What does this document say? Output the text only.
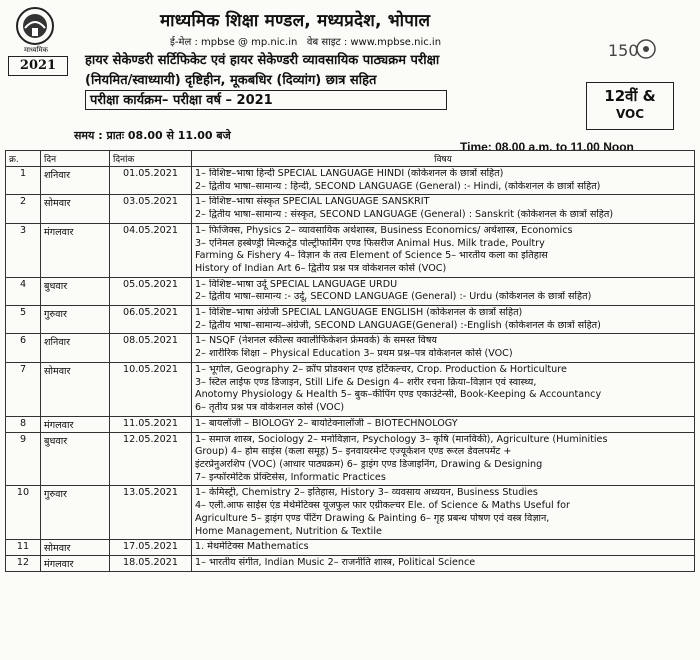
माध्यमिक
2021
माध्यमिक शिक्षा मण्डल, मध्यप्रदेश, भोपाल
ई-मेल : mpbse @ mp.nic.in वेब साइट : www.mpbse.nic.in	150
हायर सेकेण्डरी सर्टिफिकेट एवं हायर सेकेण्डरी व्यावसायिक पाठ्यक्रम परीक्षा
(नियमित/स्वाध्यायी) दृष्टिहीन, मूकबधिर (दिव्यांग) छात्र सहित
परीक्षा कार्यक्रम– परीक्षा वर्ष – 2021	12वीं &
VOC
समय : प्रातः 08.00 से 11.00 बजे
Time: 08.00 a.m. to 11.00 Noon
क्र.	दिन	दिनांक	विषय
1	शनिवार	01.05.2021	1– विशिष्ट–भाषा हिन्दी SPECIAL LANGUAGE HINDI (कोकेशनल के छात्रों सहित)
2– द्वितीय भाषा–सामान्य : हिन्दी, SECOND LANGUAGE (General) :- Hindi, (कोकेशनल के छात्रों सहित)

2	सोमवार	03.05.2021	1– विशिष्ट–भाषा संस्कृत SPECIAL LANGUAGE SANSKRIT
2– द्वितीय भाषा–सामान्य : संस्कृत, SECOND LANGUAGE (General) : Sanskrit (कोकेशनल के छात्रों सहित)

3	मंगलवार	04.05.2021	1– फिजिक्स, Physics 2– व्यावसायिक अर्थशास्त्र, Business Economics/ अर्थशास्त्र, Economics
3– एनिमल हस्बेण्ड्री मिल्कट्रेड पोल्ट्रीफार्मिंग एण्ड फिसरीज Animal Hus. Milk trade, Poultry
Farming & Fishery 4– विज्ञान के तत्व Element of Science 5– भारतीय कला का इतिहास
History of Indian Art 6– द्वितीय प्रश्न पत्र वोकेशनल कोर्स (VOC)

4	बुधवार	05.05.2021	1– विशिष्ट–भाषा उर्दू SPECIAL LANGUAGE URDU
2– द्वितीय भाषा–सामान्य :- उर्दू, SECOND LANGUAGE (General) :- Urdu (कोकेशनल के छात्रों सहित)

5	गुरुवार	06.05.2021	1– विशिष्ट–भाषा अंग्रेजी SPECIAL LANGUAGE ENGLISH (कोकेशनल के छात्रों सहित)
2– द्वितीय भाषा–सामान्य–अंग्रेजी, SECOND LANGUAGE(General) :-English (कोकेशनल के छात्रों सहित)

6	शनिवार	08.05.2021	1– NSQF (नेशनल स्कील्स क्वालीफिकेशन फ्रेमवर्क) के समस्त विषय
2– शारीरिक शिक्षा – Physical Education 3– प्रथम प्रश्न–पत्र वोकेशनल कोर्स (VOC)

7	सोमवार	10.05.2021	1– भूगोल, Geography 2– क्रॉप प्रोडक्शन एण्ड हर्टिकल्चर, Crop. Production & Horticulture
3– स्टिल लाईफ एण्ड डिजाइन, Still Life & Design 4– शरीर रचना क्रिया–विज्ञान एवं स्वास्थ्य,
Anotomy Physiology & Health 5– बुक–कीपिंग एण्ड एकाउंटेन्सी, Book-Keeping & Accountancy
6– तृतीय प्रश्न पत्र वोकेशनल कोर्स (VOC)

8	मंगलवार	11.05.2021	1– बायलॉजी – BIOLOGY 2– बायोटेक्नालॉजी – BIOTECHNOLOGY

9	बुधवार	12.05.2021	1– समाज शास्त्र, Sociology 2– मनोविज्ञान, Psychology 3– कृषि (मानविकी), Agriculture (Huminities
Group) 4– होम साइंस (कला समूह) 5– इनवायरमेन्ट एज्यूकेशन एण्ड रूरल डेवलपमेंट +
इंटरप्रेनुअरशिप (VOC) (आधार पाठ्यक्रम) 6– ड्राइंग एण्ड डिजाइनिंग, Drawing & Designing
7– इन्फॉरमेटिक प्रेक्टिसेस, Informatic Practices

10	गुरुवार	13.05.2021	1– केमिस्ट्री, Chemistry 2– इतिहास, History 3– व्यवसाय अध्ययन, Business Studies
4– एली.आफ साईस एंड मेथेमेटिक्स यूजफुल फार एग्रीकल्चर Ele. of Science & Maths Useful for
Agriculture 5– ड्राइंग एण्ड पेंटिंग Drawing & Painting 6– गृह प्रबन्ध पोषण एवं वस्त्र विज्ञान,
Home Management, Nutrition & Textile

11	सोमवार	17.05.2021	1. मेथमेटिक्स Mathematics

12	मंगलवार	18.05.2021	1– भारतीय संगीत, Indian Music 2– राजनीति शास्त्र, Political Science
